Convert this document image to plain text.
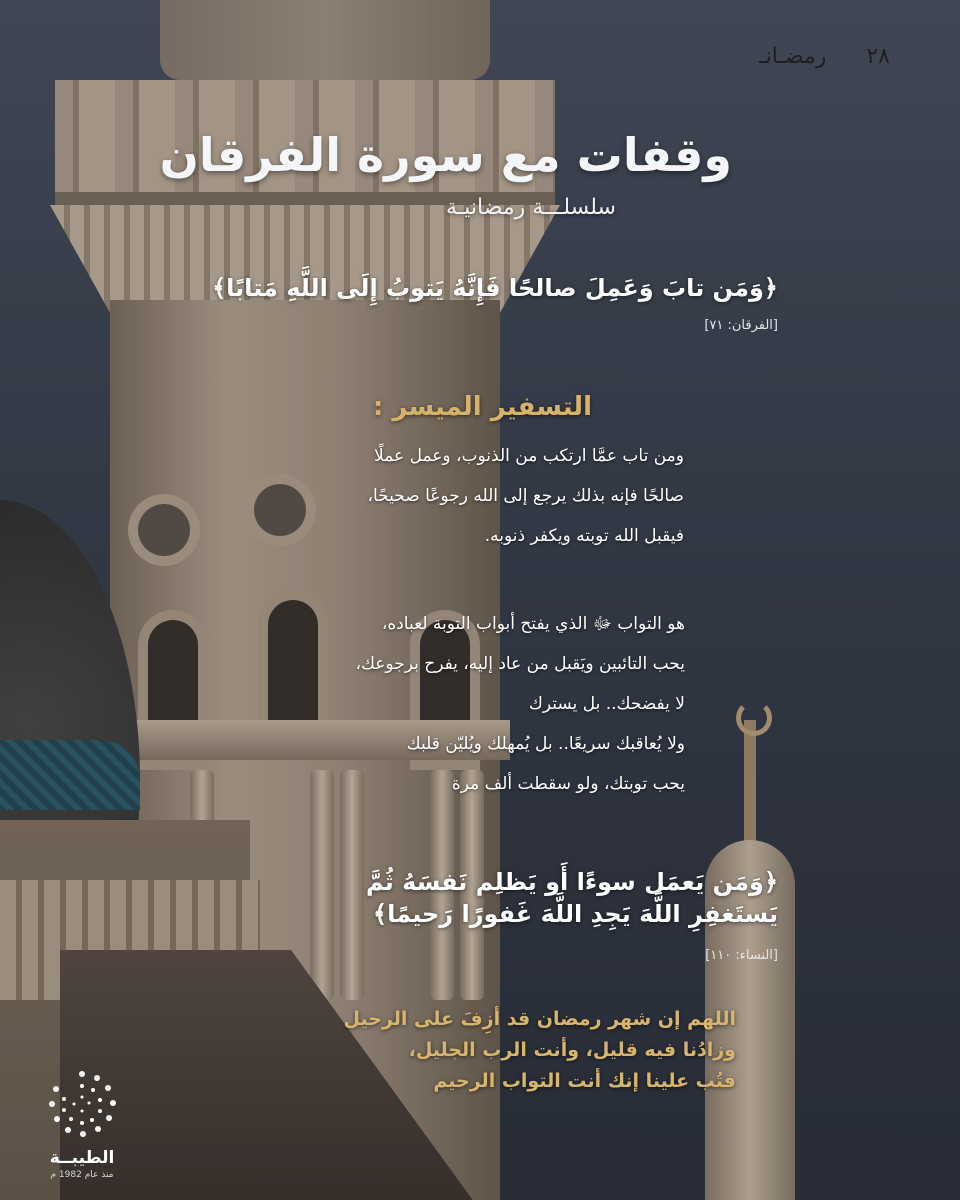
٢٨
رمضـانـ
وقفات مع سورة الفرقان
سلسلـــة رمضانيـة
﴿وَمَن تابَ وَعَمِلَ صالحًا فَإِنَّهُ يَتوبُ إِلَى اللَّهِ مَتابًا﴾
[الفرقان: ٧١]
التسفير الميسر :
ومن تاب عمَّا ارتكب من الذنوب، وعمل عملًا
صالحًا فإنه بذلك يرجع إلى الله رجوعًا صحيحًا،
فيقبل الله توبته ويكفر ذنوبه.
هو التواب ﷻ الذي يفتح أبواب التوبة لعباده،
يحب التائبين ويَقبل من عاد إليه، يفرح برجوعك،
لا يفضحك.. بل يسترك
ولا يُعاقبك سريعًا.. بل يُمهلك ويُليّن قلبك
يحب توبتك، ولو سقطت ألف مرة
﴿وَمَن يَعمَل سوءًا أَو يَظلِم نَفسَهُ ثُمَّ
يَستَغفِرِ اللَّهَ يَجِدِ اللَّهَ غَفورًا رَحيمًا﴾
[النساء: ١١٠]
اللهم إن شهر رمضان قد أزِفَ على الرحيل
وزادُنا فيه قليل، وأنت الرب الجليل،
فتُب علينا إنك أنت التواب الرحيم
الطيبــة
منذ عام 1982 م
